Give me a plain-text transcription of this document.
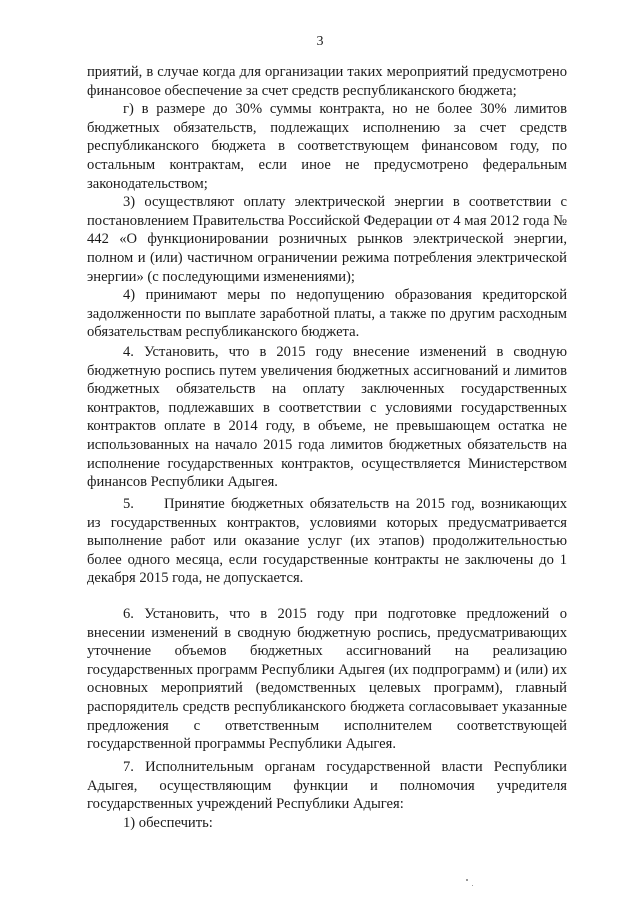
3

приятий, в случае когда для организации таких мероприятий предусмотрено финансовое обеспечение за счет средств республиканского бюджета;

г) в размере до 30% суммы контракта, но не более 30% лимитов бюджетных обязательств, подлежащих исполнению за счет средств республиканского бюджета в соответствующем финансовом году, по остальным контрактам, если иное не предусмотрено федеральным законодательством;

3) осуществляют оплату электрической энергии в соответствии с постановлением Правительства Российской Федерации от 4 мая 2012 года № 442 «О функционировании розничных рынков электрической энергии, полном и (или) частичном ограничении режима потребления электрической энергии» (с последующими изменениями);

4) принимают меры по недопущению образования кредиторской задолженности по выплате заработной платы, а также по другим расходным обязательствам республиканского бюджета.

4. Установить, что в 2015 году внесение изменений в сводную бюджетную роспись путем увеличения бюджетных ассигнований и лимитов бюджетных обязательств на оплату заключенных государственных контрактов, подлежавших в соответствии с условиями государственных контрактов оплате в 2014 году, в объеме, не превышающем остатка не использованных на начало 2015 года лимитов бюджетных обязательств на исполнение государственных контрактов, осуществляется Министерством финансов Республики Адыгея.

5. Принятие бюджетных обязательств на 2015 год, возникающих из государственных контрактов, условиями которых предусматривается выполнение работ или оказание услуг (их этапов) продолжительностью более одного месяца, если государственные контракты не заключены до 1 декабря 2015 года, не допускается.

6. Установить, что в 2015 году при подготовке предложений о внесении изменений в сводную бюджетную роспись, предусматривающих уточнение объемов бюджетных ассигнований на реализацию государственных программ Республики Адыгея (их подпрограмм) и (или) их основных мероприятий (ведомственных целевых программ), главный распорядитель средств республиканского бюджета согласовывает указанные предложения с ответственным исполнителем соответствующей государственной программы Республики Адыгея.

7. Исполнительным органам государственной власти Республики Адыгея, осуществляющим функции и полномочия учредителя государственных учреждений Республики Адыгея:

1) обеспечить:
